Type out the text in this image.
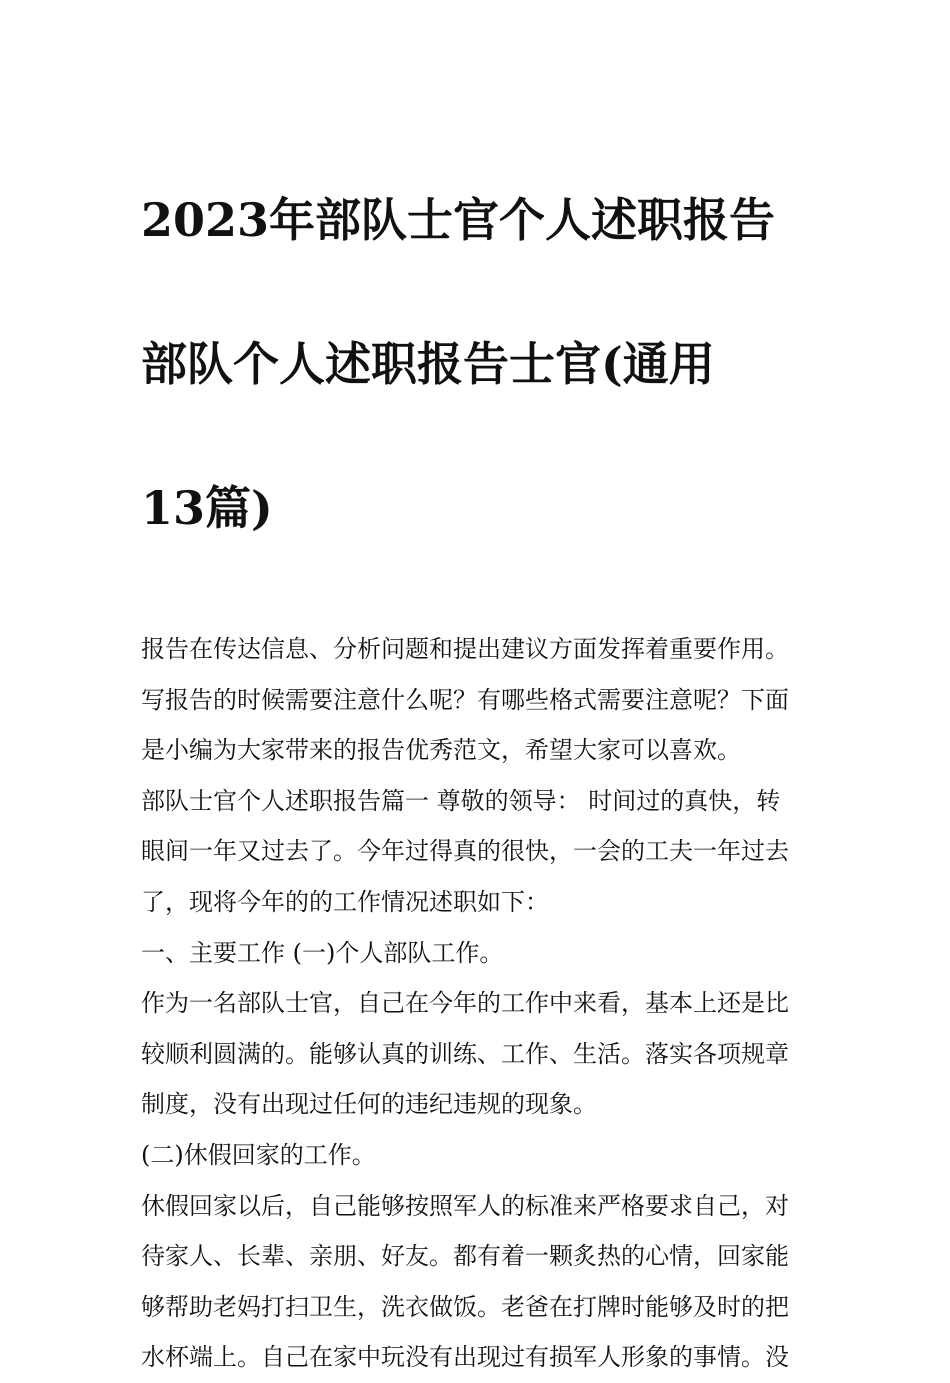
2023年部队士官个人述职报告

部队个人述职报告士官(通用

13篇)

报告在传达信息、分析问题和提出建议方面发挥着重要作用。
写报告的时候需要注意什么呢？有哪些格式需要注意呢？下面
是小编为大家带来的报告优秀范文，希望大家可以喜欢。

部队士官个人述职报告篇一 尊敬的领导： 时间过的真快，转
眼间一年又过去了。今年过得真的很快，一会的工夫一年过去
了，现将今年的的工作情况述职如下：

一、主要工作 (一)个人部队工作。

作为一名部队士官，自己在今年的工作中来看，基本上还是比
较顺利圆满的。能够认真的训练、工作、生活。落实各项规章
制度，没有出现过任何的违纪违规的现象。

(二)休假回家的工作。

休假回家以后，自己能够按照军人的标准来严格要求自己，对
待家人、长辈、亲朋、好友。都有着一颗炙热的心情，回家能
够帮助老妈打扫卫生，洗衣做饭。老爸在打牌时能够及时的把
水杯端上。自己在家中玩没有出现过有损军人形象的事情。没
